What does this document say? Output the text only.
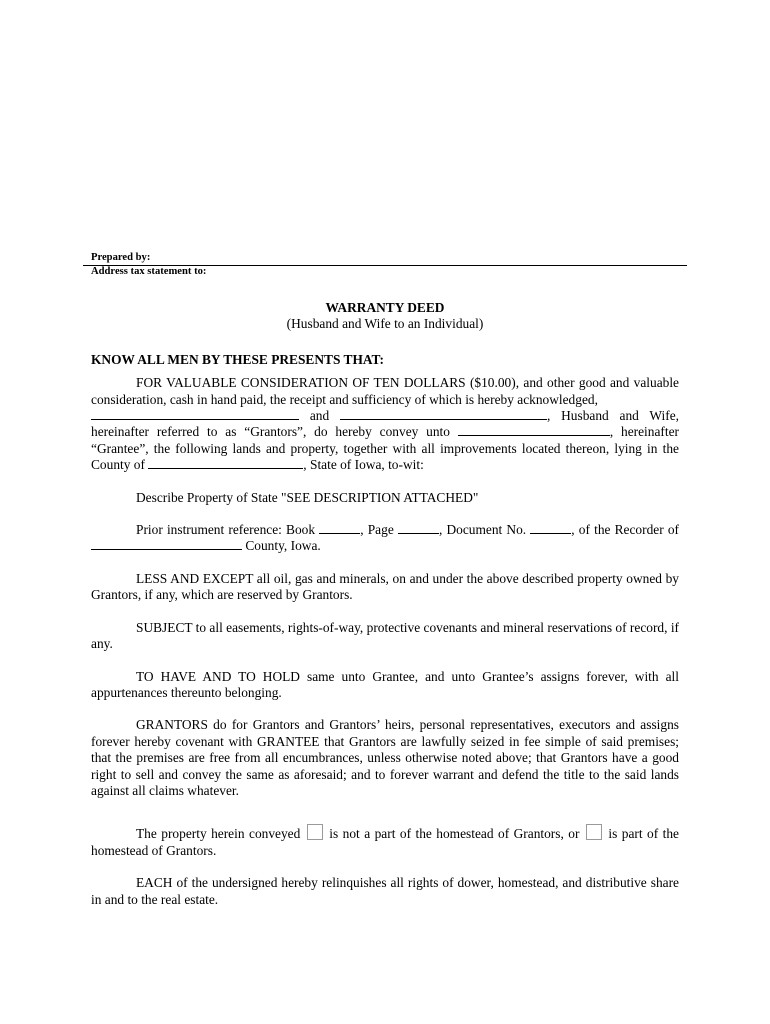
Prepared by:
Address tax statement to:
WARRANTY DEED
(Husband and Wife to an Individual)
KNOW ALL MEN BY THESE PRESENTS THAT:

FOR VALUABLE CONSIDERATION OF TEN DOLLARS ($10.00), and other good and valuable consideration, cash in hand paid, the receipt and sufficiency of which is hereby acknowledged,
and	, Husband and Wife,
hereinafter referred to as “Grantors”, do hereby convey unto	, hereinafter
“Grantee”, the following lands and property, together with all improvements located thereon, lying in the
County of	, State of Iowa, to-wit:

Describe Property of State "SEE DESCRIPTION ATTACHED"

Prior instrument reference: Book	, Page	, Document No.	, of the Recorder of
County, Iowa.

LESS AND EXCEPT all oil, gas and minerals, on and under the above described property owned by Grantors, if any, which are reserved by Grantors.

SUBJECT to all easements, rights-of-way, protective covenants and mineral reservations of record, if any.

TO HAVE AND TO HOLD same unto Grantee, and unto Grantee’s assigns forever, with all appurtenances thereunto belonging.

GRANTORS do for Grantors and Grantors’ heirs, personal representatives, executors and assigns forever hereby covenant with GRANTEE that Grantors are lawfully seized in fee simple of said premises; that the premises are free from all encumbrances, unless otherwise noted above; that Grantors have a good right to sell and convey the same as aforesaid; and to forever warrant and defend the title to the said lands against all claims whatever.

The property herein conveyed is not a part of the homestead of Grantors, or is part of the homestead of Grantors.

EACH of the undersigned hereby relinquishes all rights of dower, homestead, and distributive share in and to the real estate.
